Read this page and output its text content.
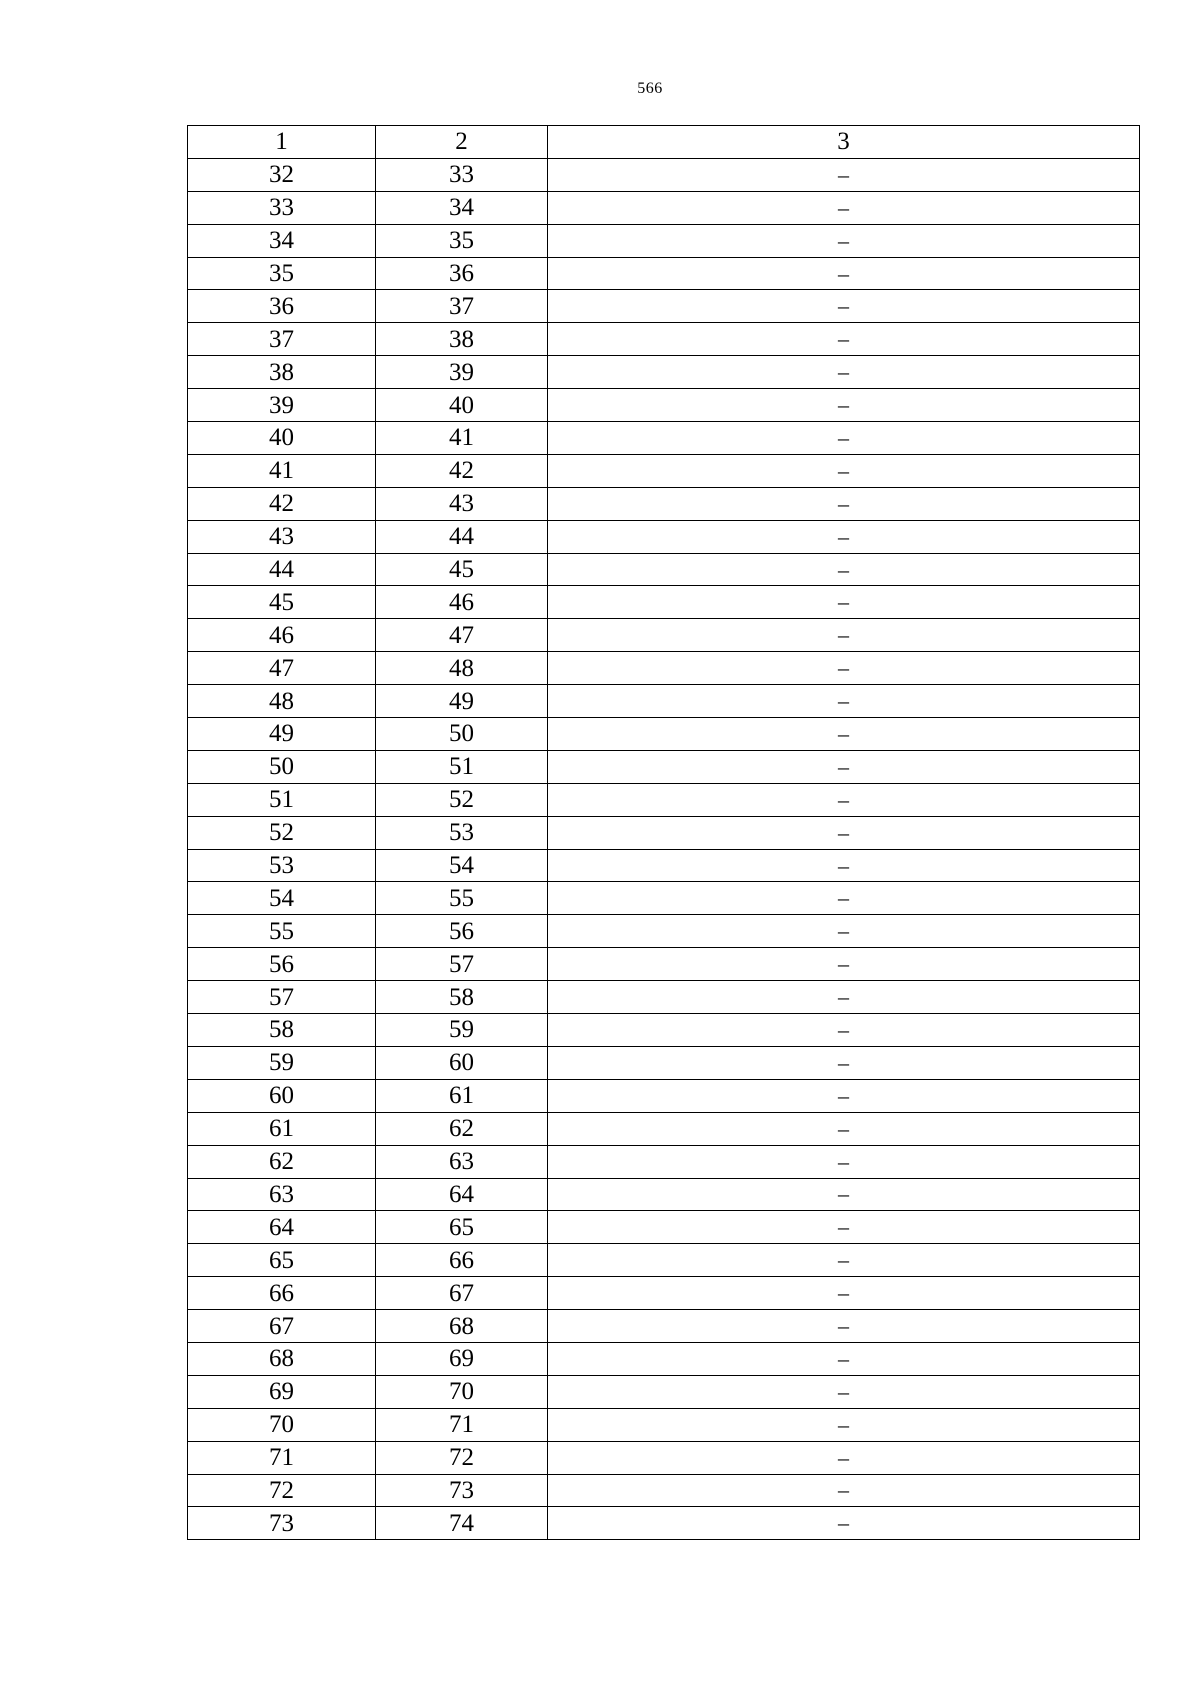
566
1	2	3
32	33	–
33	34	–
34	35	–
35	36	–
36	37	–
37	38	–
38	39	–
39	40	–
40	41	–
41	42	–
42	43	–
43	44	–
44	45	–
45	46	–
46	47	–
47	48	–
48	49	–
49	50	–
50	51	–
51	52	–
52	53	–
53	54	–
54	55	–
55	56	–
56	57	–
57	58	–
58	59	–
59	60	–
60	61	–
61	62	–
62	63	–
63	64	–
64	65	–
65	66	–
66	67	–
67	68	–
68	69	–
69	70	–
70	71	–
71	72	–
72	73	–
73	74	–
